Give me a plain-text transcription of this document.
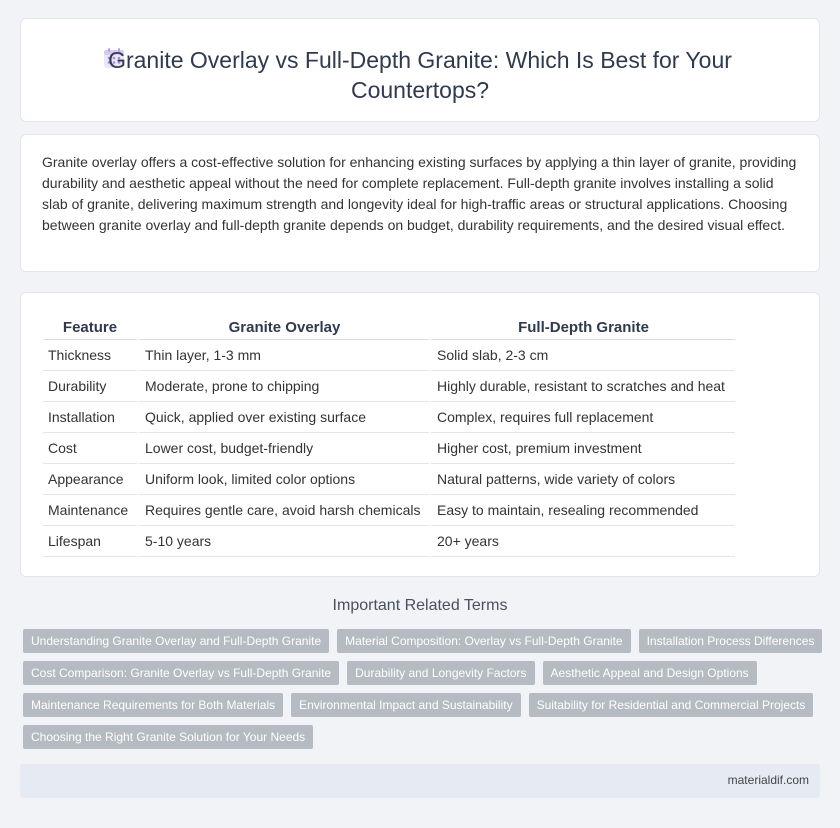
Granite Overlay vs Full-Depth Granite: Which Is Best for Your Countertops?

Granite overlay offers a cost-effective solution for enhancing existing surfaces by applying a thin layer of granite, providing durability and aesthetic appeal without the need for complete replacement. Full-depth granite involves installing a solid slab of granite, delivering maximum strength and longevity ideal for high-traffic areas or structural applications. Choosing between granite overlay and full-depth granite depends on budget, durability requirements, and the desired visual effect.

Feature	Granite Overlay	Full-Depth Granite
Thickness	Thin layer, 1-3 mm	Solid slab, 2-3 cm
Durability	Moderate, prone to chipping	Highly durable, resistant to scratches and heat
Installation	Quick, applied over existing surface	Complex, requires full replacement
Cost	Lower cost, budget-friendly	Higher cost, premium investment
Appearance	Uniform look, limited color options	Natural patterns, wide variety of colors
Maintenance	Requires gentle care, avoid harsh chemicals	Easy to maintain, resealing recommended
Lifespan	5-10 years	20+ years
Important Related Terms
Understanding Granite Overlay and Full-Depth Granite	Material Composition: Overlay vs Full-Depth Granite	Installation Process Differences
Cost Comparison: Granite Overlay vs Full-Depth Granite	Durability and Longevity Factors	Aesthetic Appeal and Design Options
Maintenance Requirements for Both Materials	Environmental Impact and Sustainability	Suitability for Residential and Commercial Projects
Choosing the Right Granite Solution for Your Needs
materialdif.com
